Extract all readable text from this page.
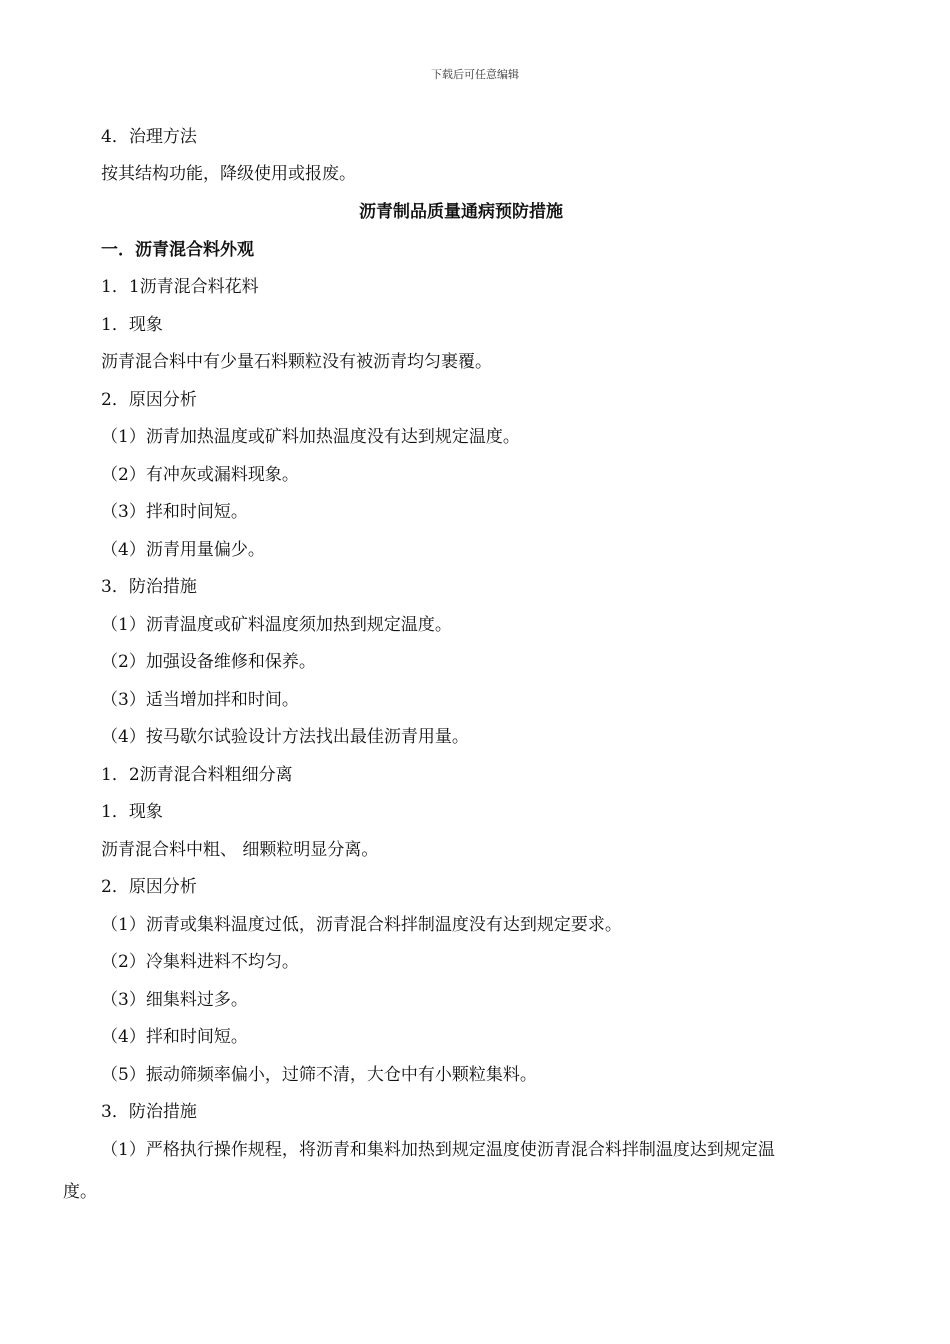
下载后可任意编辑
4．治理方法
按其结构功能，降级使用或报废。
沥青制品质量通病预防措施
一．沥青混合料外观
1．1沥青混合料花料
1．现象
沥青混合料中有少量石料颗粒没有被沥青均匀裹覆。
2．原因分析
（1）沥青加热温度或矿料加热温度没有达到规定温度。
（2）有冲灰或漏料现象。
（3）拌和时间短。
（4）沥青用量偏少。
3．防治措施
（1）沥青温度或矿料温度须加热到规定温度。
（2）加强设备维修和保养。
（3）适当增加拌和时间。
（4）按马歇尔试验设计方法找出最佳沥青用量。
1．2沥青混合料粗细分离
1．现象
沥青混合料中粗、 细颗粒明显分离。
2．原因分析
（1）沥青或集料温度过低，沥青混合料拌制温度没有达到规定要求。
（2）冷集料进料不均匀。
（3）细集料过多。
（4）拌和时间短。
（5）振动筛频率偏小，过筛不清，大仓中有小颗粒集料。
3．防治措施
（1）严格执行操作规程，将沥青和集料加热到规定温度使沥青混合料拌制温度达到规定温
度。
